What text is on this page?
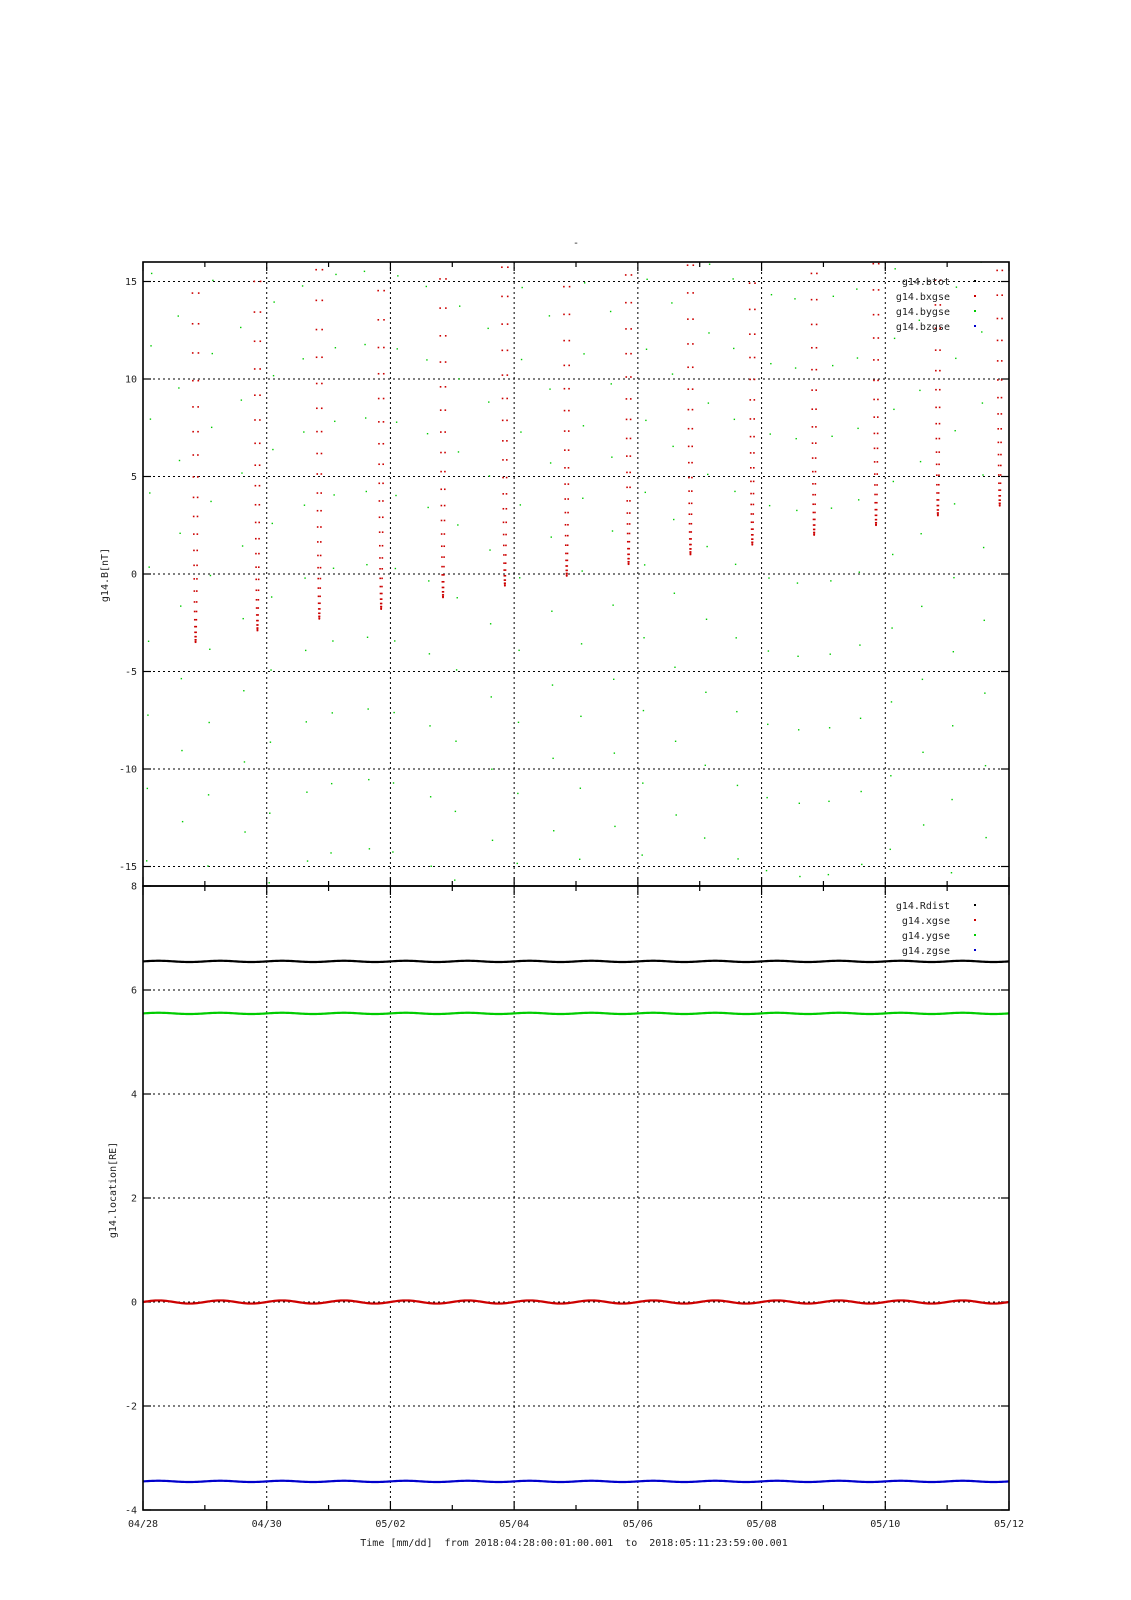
-
-15
-10
-5
0
5
10
15	g14.btot
g14.bxgse
g14.bygse
g14.bzgse
-4
-2
0
2
4
6
8
04/28	04/30	05/02	05/04	05/06	05/08	05/10	05/12
g14.Rdist
g14.xgse
g14.ygse
g14.zgse
g14.B[nT]
g14.location[RE]
Time [mm/dd]  from 2018:04:28:00:01:00.001  to  2018:05:11:23:59:00.001
